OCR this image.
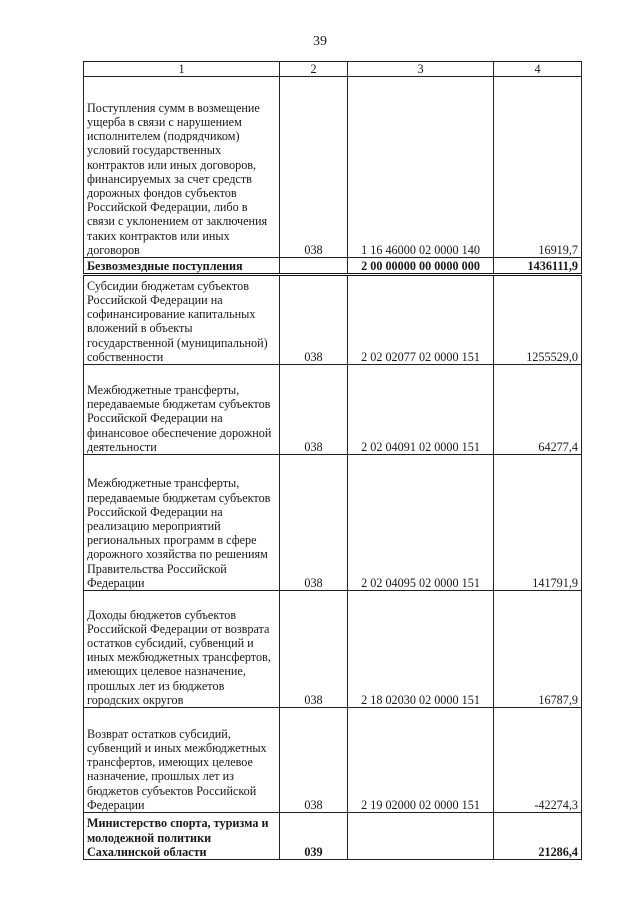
39
1	2	3	4
Поступления сумм в возмещение ущерба в связи с нарушением исполнителем (подрядчиком) условий государственных контрактов или иных договоров, финансируемых за счет средств дорожных фондов субъектов Российской Федерации, либо в связи с уклонением от заключения таких контрактов или иных договоров	038	1 16 46000 02 0000 140	16919,7
Безвозмездные поступления		2 00 00000 00 0000 000	1436111,9
Субсидии бюджетам субъектов Российской Федерации на софинансирование капитальных вложений в объекты государственной (муниципальной) собственности	038	2 02 02077 02 0000 151	1255529,0
Межбюджетные трансферты, передаваемые бюджетам субъектов Российской Федерации на финансовое обеспечение дорожной деятельности	038	2 02 04091 02 0000 151	64277,4
Межбюджетные трансферты, передаваемые бюджетам субъектов Российской Федерации на реализацию мероприятий региональных программ в сфере дорожного хозяйства по решениям Правительства Российской Федерации	038	2 02 04095 02 0000 151	141791,9
Доходы бюджетов субъектов Российской Федерации от возврата остатков субсидий, субвенций и иных межбюджетных трансфертов, имеющих целевое назначение, прошлых лет из бюджетов городских округов	038	2 18 02030 02 0000 151	16787,9
Возврат остатков субсидий, субвенций и иных межбюджетных трансфертов, имеющих целевое назначение, прошлых лет из бюджетов субъектов Российской Федерации	038	2 19 02000 02 0000 151	-42274,3
Министерство спорта, туризма и молодежной политики Сахалинской области	039		21286,4
